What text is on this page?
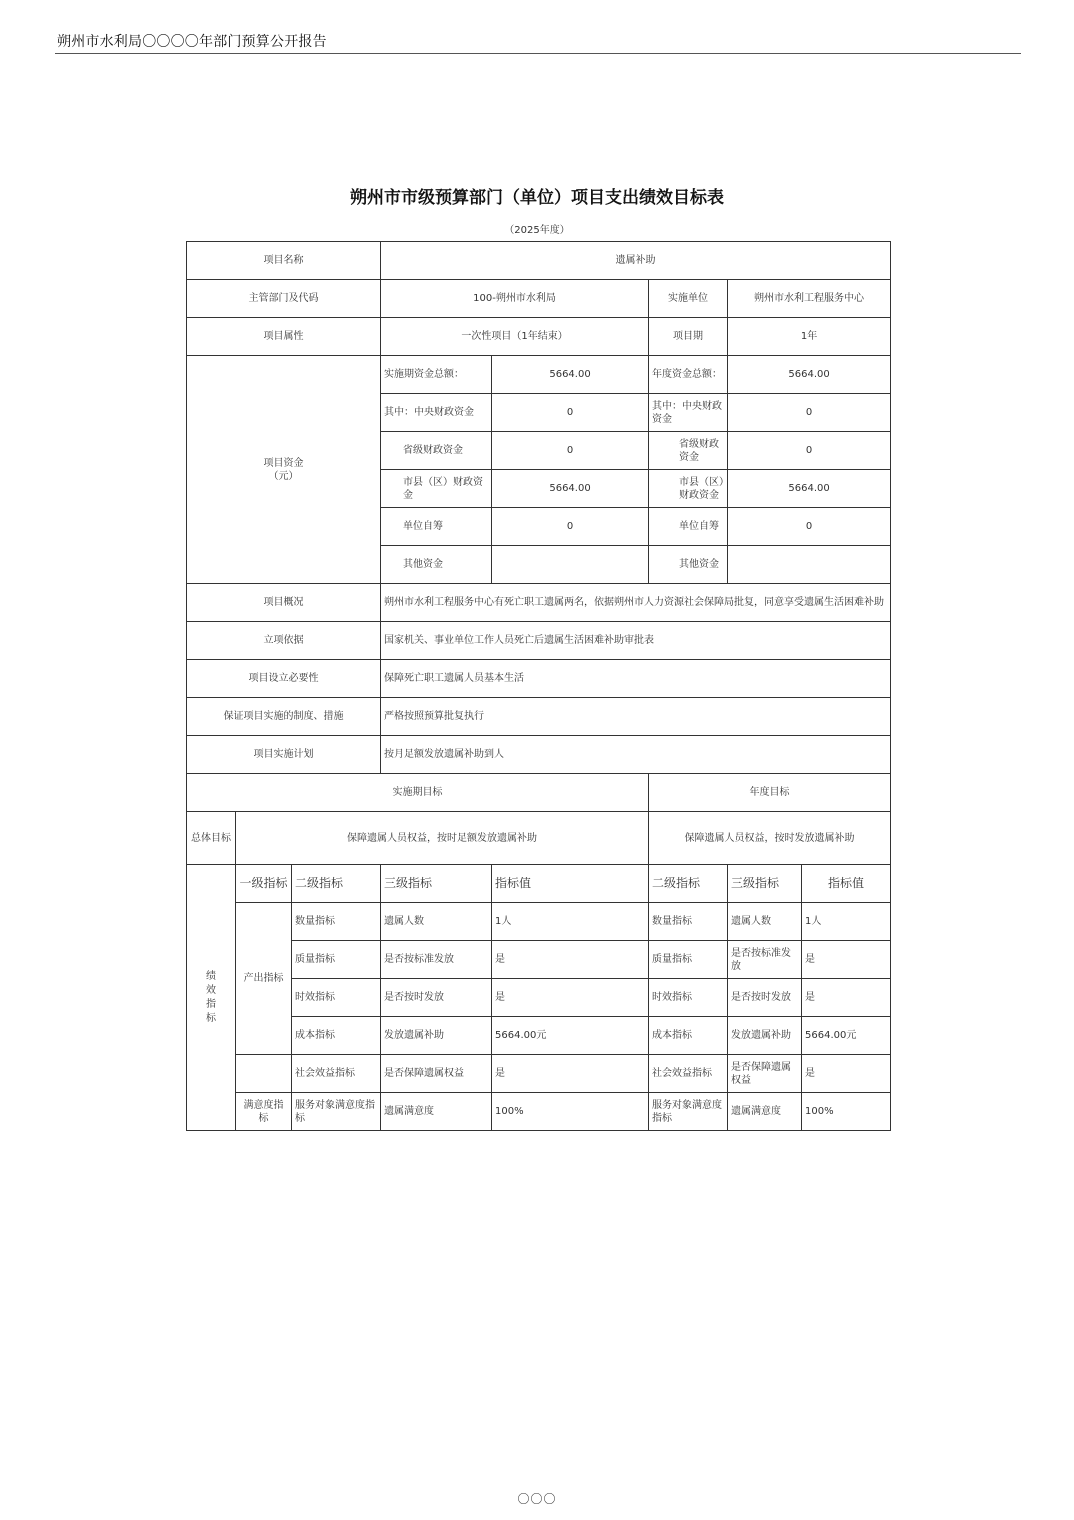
朔州市水利局〇〇〇〇年部门预算公开报告
朔州市市级预算部门（单位）项目支出绩效目标表
（2025年度）
项目名称			遗属补助				
主管部门及代码			100-朔州市水利局		实施单位	朔州市水利工程服务中心	
项目属性			一次性项目（1年结束）		项目期	1年	

项目资金
（元）			实施期资金总额：	5664.00	年度资金总额：	5664.00	
			其中：中央财政资金	0	其中：中央财政资金	0	
			省级财政资金	0	省级财政资金	0	
			市县（区）财政资金	5664.00	市县（区）财政资金	5664.00	
			单位自筹	0	单位自筹	0	
			其他资金		其他资金		
项目概况			朔州市水利工程服务中心有死亡职工遗属两名，依据朔州市人力资源社会保障局批复，同意享受遗属生活困难补助				
立项依据			国家机关、事业单位工作人员死亡后遗属生活困难补助审批表				
项目设立必要性			保障死亡职工遗属人员基本生活				
保证项目实施的制度、措施			严格按照预算批复执行				
项目实施计划			按月足额发放遗属补助到人				
实施期目标					年度目标		
总体目标	保障遗属人员权益，按时足额发放遗属补助				保障遗属人员权益，按时发放遗属补助		
绩
效
指
标	一级指标	二级指标	三级指标	指标值	二级指标	三级指标	指标值
	产出指标	数量指标	遗属人数	1人	数量指标	遗属人数	1人
		质量指标	是否按标准发放	是	质量指标	是否按标准发放	是
		时效指标	是否按时发放	是	时效指标	是否按时发放	是
		成本指标	发放遗属补助	5664.00元	成本指标	发放遗属补助	5664.00元
		社会效益指标	是否保障遗属权益	是	社会效益指标	是否保障遗属权益	是
	满意度指标	服务对象满意度指标	遗属满意度	100%	服务对象满意度指标	遗属满意度	100%
〇〇〇
